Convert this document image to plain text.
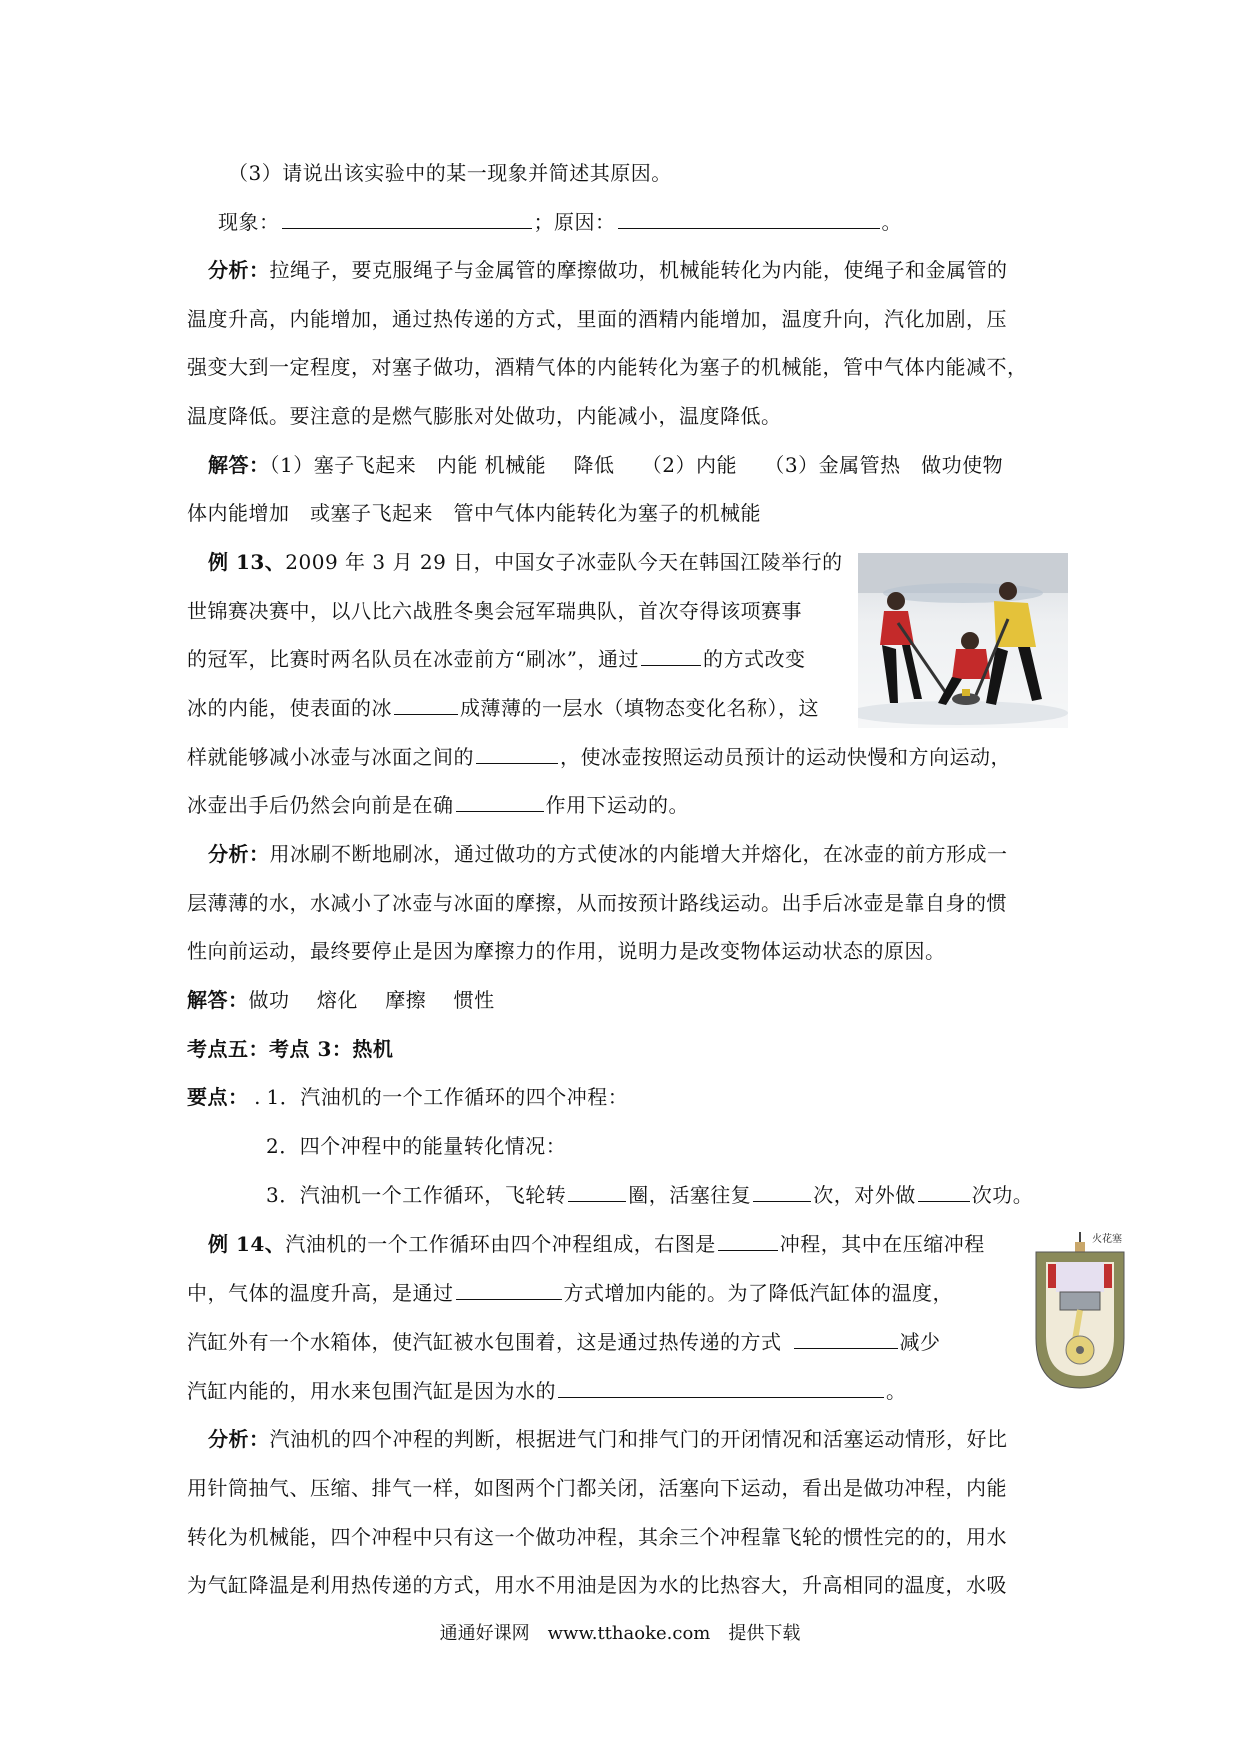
（3）请说出该实验中的某一现象并简述其原因。
现象：	；原因：	。
分析：拉绳子，要克服绳子与金属管的摩擦做功，机械能转化为内能，使绳子和金属管的
温度升高，内能增加，通过热传递的方式，里面的酒精内能增加，温度升向，汽化加剧，压
强变大到一定程度，对塞子做功，酒精气体的内能转化为塞子的机械能，管中气体内能减不，
温度降低。要注意的是燃气膨胀对处做功，内能减小，温度降低。
解答：（1）塞子飞起来　内能 机械能　 降低　 （2）内能　 （3）金属管热　做功使物
体内能增加　或塞子飞起来　管中气体内能转化为塞子的机械能
例 13、2009 年 3 月 29 日，中国女子冰壶队今天在韩国江陵举行的
世锦赛决赛中，以八比六战胜冬奥会冠军瑞典队，首次夺得该项赛事
的冠军，比赛时两名队员在冰壶前方“刷冰”，通过	的方式改变
冰的内能，使表面的冰	成薄薄的一层水（填物态变化名称），这
样就能够减小冰壶与冰面之间的	，使冰壶按照运动员预计的运动快慢和方向运动，
冰壶出手后仍然会向前是在确	作用下运动的。
分析：用冰刷不断地刷冰，通过做功的方式使冰的内能增大并熔化，在冰壶的前方形成一
层薄薄的水，水减小了冰壶与冰面的摩擦，从而按预计路线运动。出手后冰壶是靠自身的惯
性向前运动，最终要停止是因为摩擦力的作用，说明力是改变物体运动状态的原因。
解答：做功　 熔化　 摩擦　 惯性
考点五：考点 3：热机
要点： . 1．汽油机的一个工作循环的四个冲程：
2．四个冲程中的能量转化情况：
3．汽油机一个工作循环，飞轮转	圈，活塞往复	次，对外做	次功。
例 14、汽油机的一个工作循环由四个冲程组成，右图是	冲程，其中在压缩冲程
中，气体的温度升高，是通过	方式增加内能的。为了降低汽缸体的温度，
汽缸外有一个水箱体，使汽缸被水包围着，这是通过热传递的方式	减少
汽缸内能的，用水来包围汽缸是因为水的	。
火花塞
分析：汽油机的四个冲程的判断，根据进气门和排气门的开闭情况和活塞运动情形，好比
用针筒抽气、压缩、排气一样，如图两个门都关闭，活塞向下运动，看出是做功冲程，内能
转化为机械能，四个冲程中只有这一个做功冲程，其余三个冲程靠飞轮的惯性完的的，用水
为气缸降温是利用热传递的方式，用水不用油是因为水的比热容大，升高相同的温度，水吸
通通好课网　www.tthaoke.com　提供下载
